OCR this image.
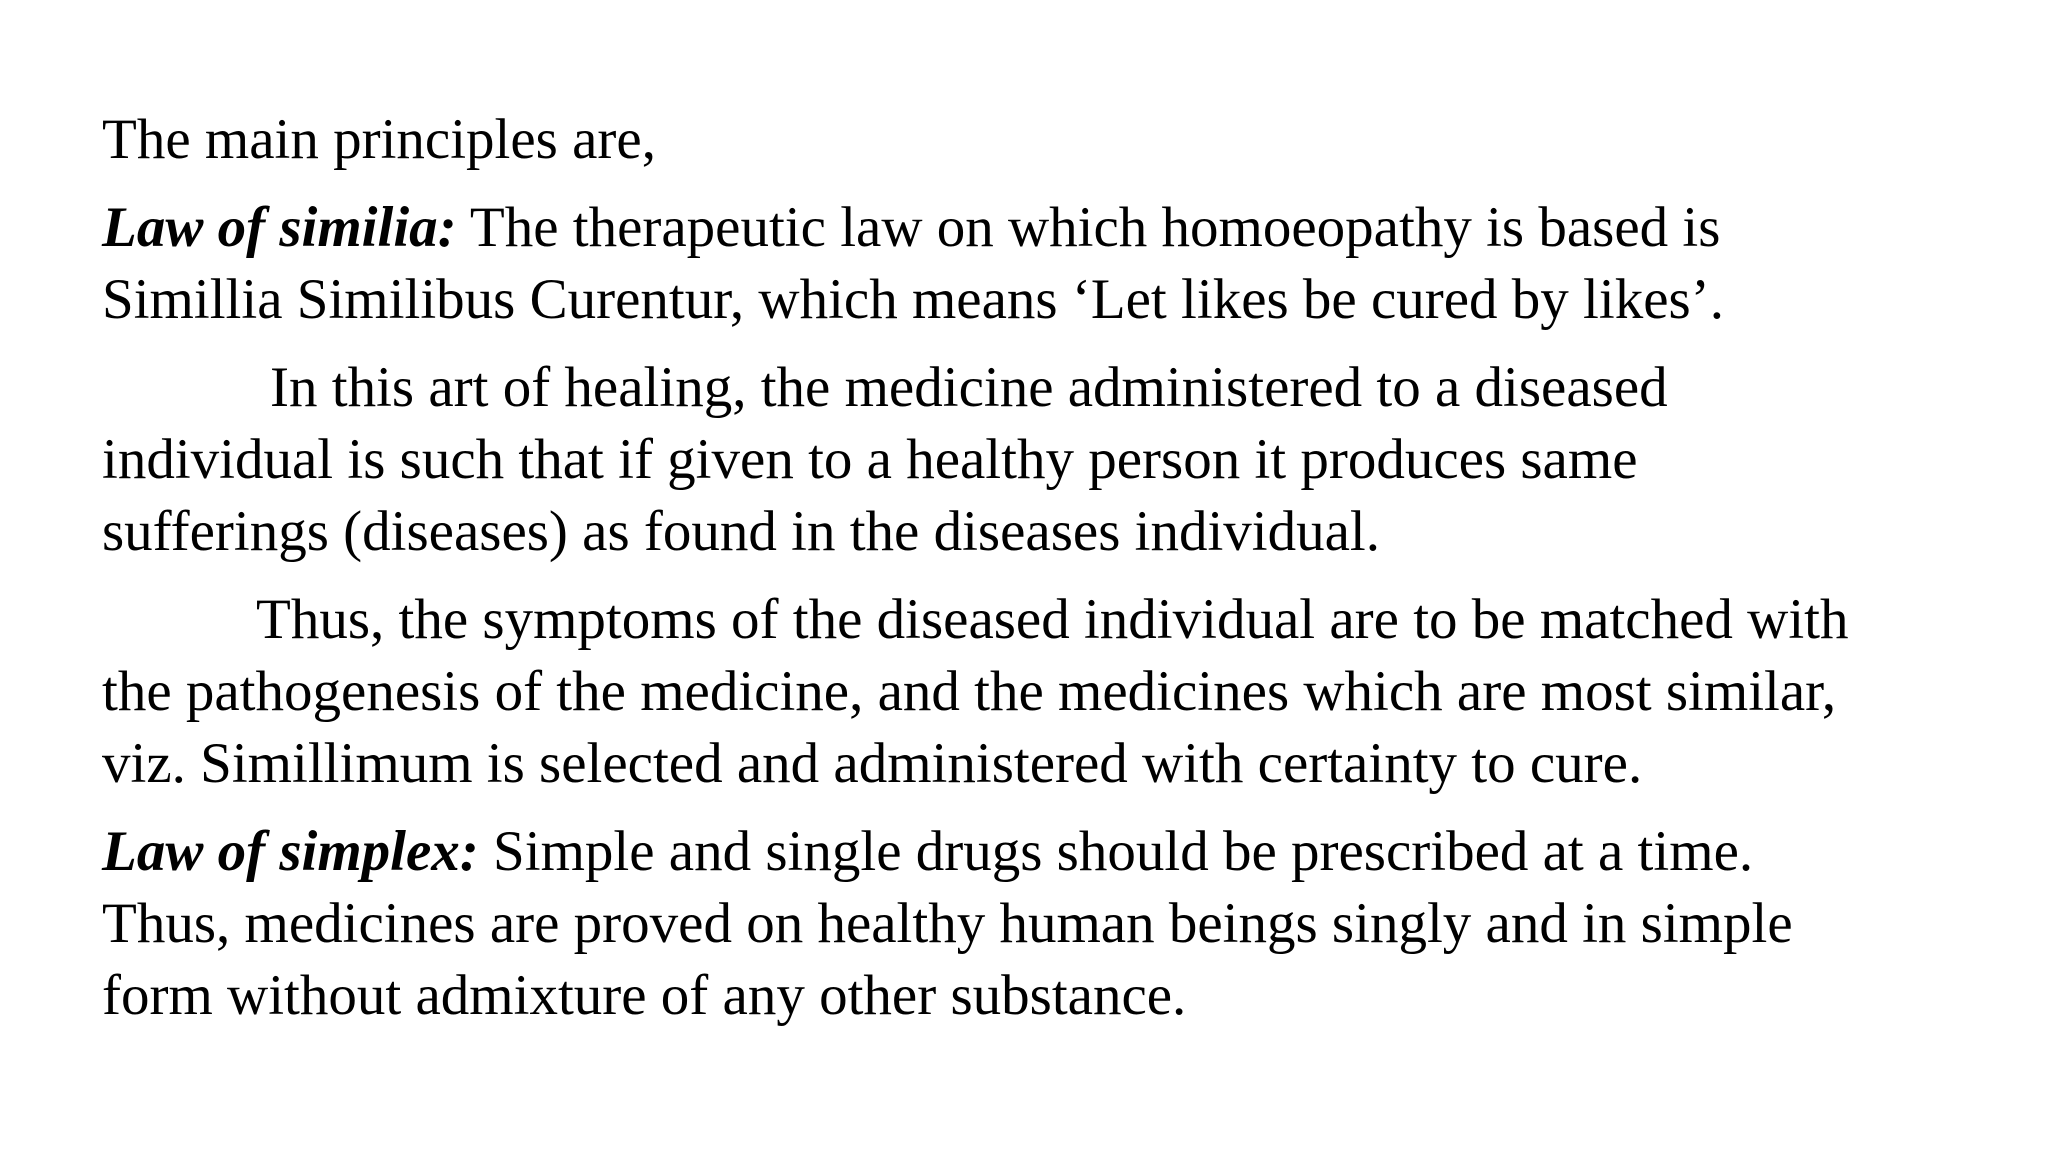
The main principles are,

Law of similia: The therapeutic law on which homoeopathy is based is
Simillia Similibus Curentur, which means ‘Let likes be cured by likes’.

In this art of healing, the medicine administered to a diseased
individual is such that if given to a healthy person it produces same
sufferings (diseases) as found in the diseases individual.

Thus, the symptoms of the diseased individual are to be matched with
the pathogenesis of the medicine, and the medicines which are most similar,
viz. Simillimum is selected and administered with certainty to cure.

Law of simplex: Simple and single drugs should be prescribed at a time.
Thus, medicines are proved on healthy human beings singly and in simple
form without admixture of any other substance.
